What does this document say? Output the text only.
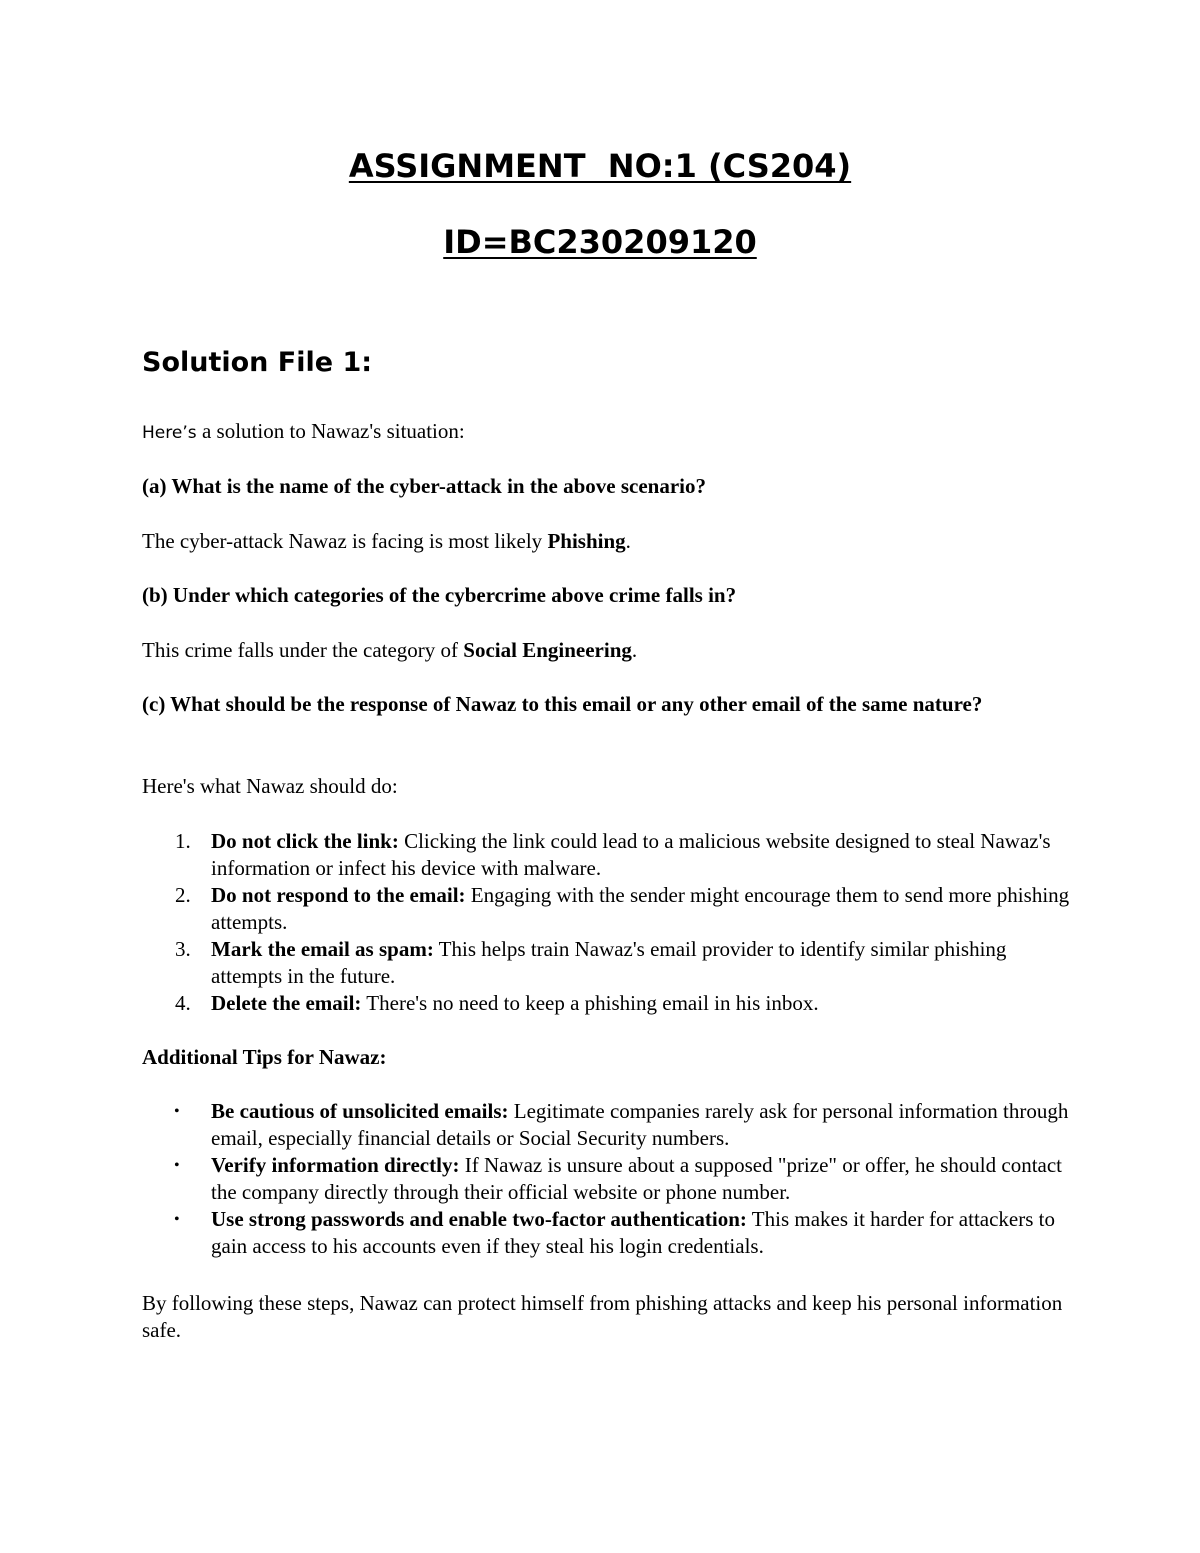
ASSIGNMENT  NO:1 (CS204)
ID=BC230209120
Solution File 1:
Here’s a solution to Nawaz's situation:
(a) What is the name of the cyber-attack in the above scenario?
The cyber-attack Nawaz is facing is most likely Phishing.
(b) Under which categories of the cybercrime above crime falls in?
This crime falls under the category of Social Engineering.
(c) What should be the response of Nawaz to this email or any other email of the same nature?
Here's what Nawaz should do:
1. Do not click the link: Clicking the link could lead to a malicious website designed to steal Nawaz's information or infect his device with malware.
2. Do not respond to the email: Engaging with the sender might encourage them to send more phishing attempts.
3. Mark the email as spam: This helps train Nawaz's email provider to identify similar phishing attempts in the future.
4. Delete the email: There's no need to keep a phishing email in his inbox.
Additional Tips for Nawaz:
• Be cautious of unsolicited emails: Legitimate companies rarely ask for personal information through email, especially financial details or Social Security numbers.
• Verify information directly: If Nawaz is unsure about a supposed "prize" or offer, he should contact the company directly through their official website or phone number.
• Use strong passwords and enable two-factor authentication: This makes it harder for attackers to gain access to his accounts even if they steal his login credentials.
By following these steps, Nawaz can protect himself from phishing attacks and keep his personal information safe.
